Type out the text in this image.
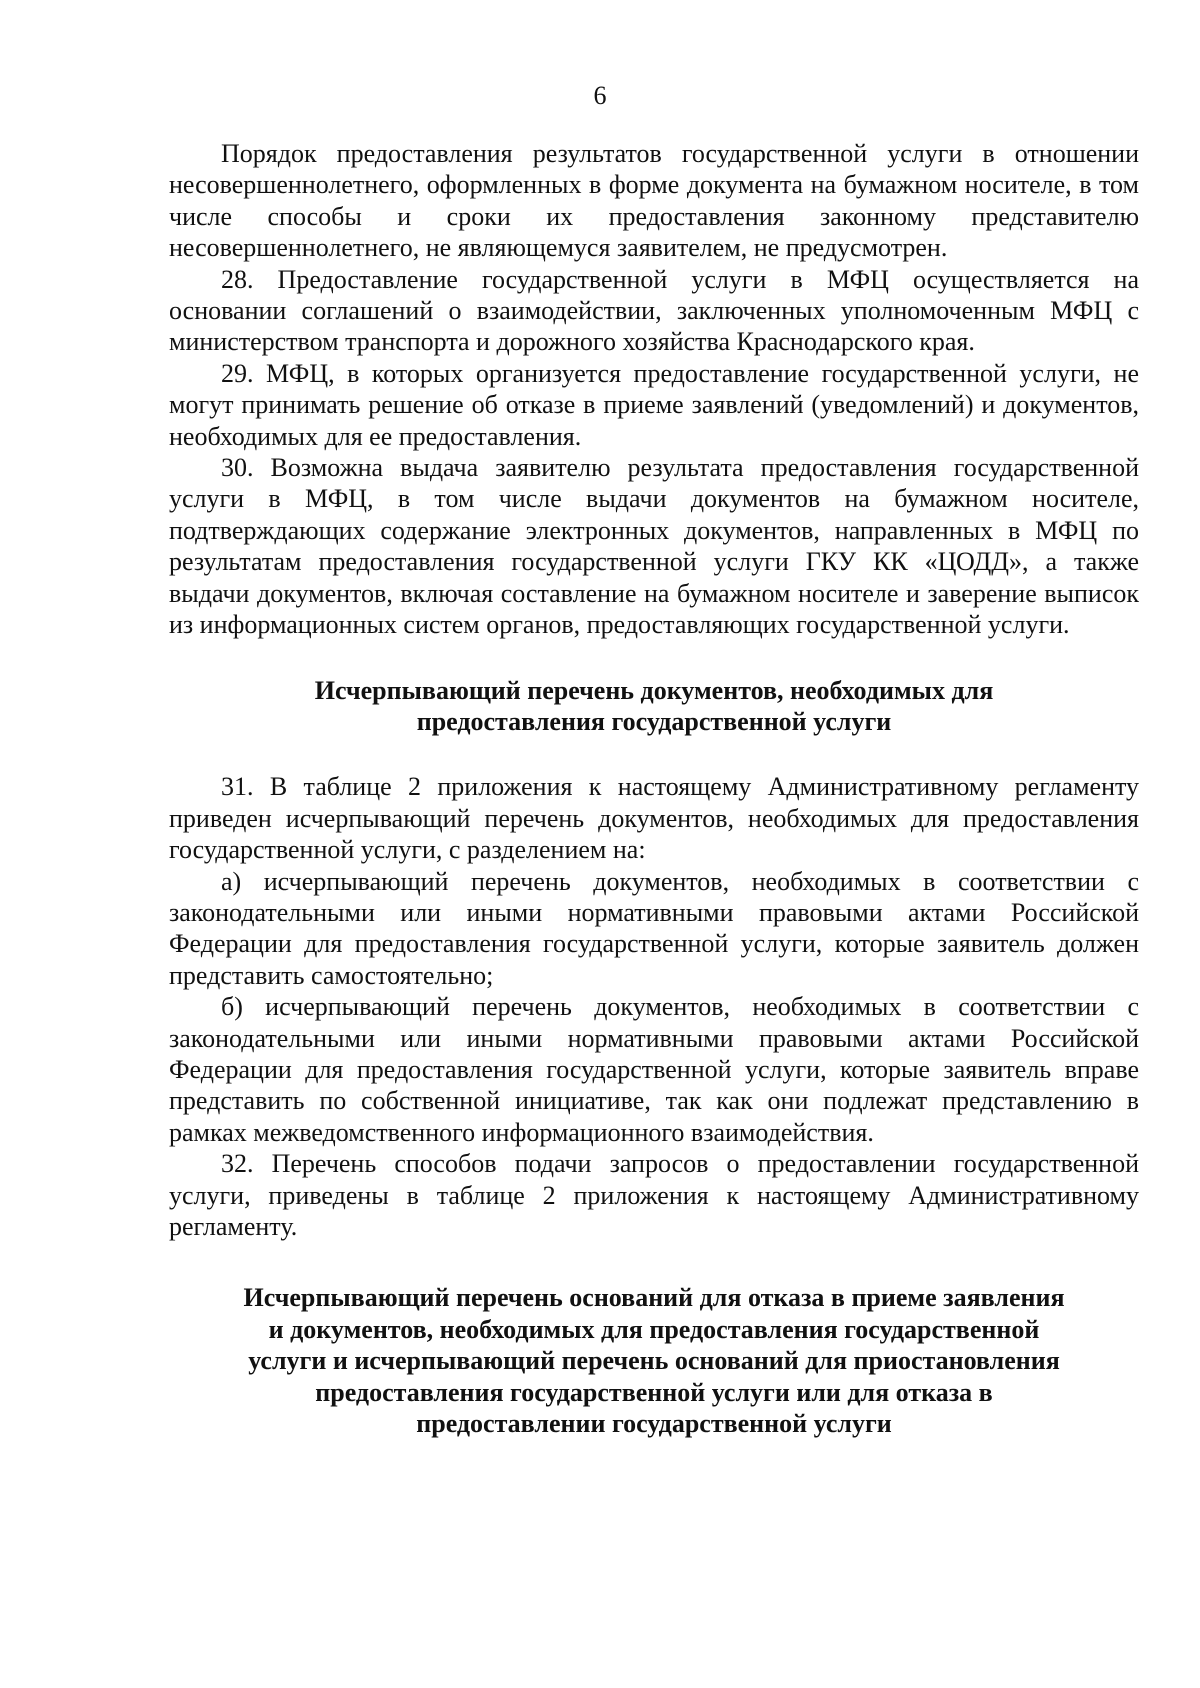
6

Порядок предоставления результатов государственной услуги в отношении несовершеннолетнего, оформленных в форме документа на бумажном носителе, в том числе способы и сроки их предоставления законному представителю несовершеннолетнего, не являющемуся заявителем, не предусмотрен.

28. Предоставление государственной услуги в МФЦ осуществляется на основании соглашений о взаимодействии, заключенных уполномоченным МФЦ с министерством транспорта и дорожного хозяйства Краснодарского края.

29. МФЦ, в которых организуется предоставление государственной услуги, не могут принимать решение об отказе в приеме заявлений (уведомлений) и документов, необходимых для ее предоставления.

30. Возможна выдача заявителю результата предоставления государственной услуги в МФЦ, в том числе выдачи документов на бумажном носителе, подтверждающих содержание электронных документов, направленных в МФЦ по результатам предоставления государственной услуги ГКУ КК «ЦОДД», а также выдачи документов, включая составление на бумажном носителе и заверение выписок из информационных систем органов, предоставляющих государственной услуги.

Исчерпывающий перечень документов, необходимых для предоставления государственной услуги

31. В таблице 2 приложения к настоящему Административному регламенту приведен исчерпывающий перечень документов, необходимых для предоставления государственной услуги, с разделением на:

а) исчерпывающий перечень документов, необходимых в соответствии с законодательными или иными нормативными правовыми актами Российской Федерации для предоставления государственной услуги, которые заявитель должен представить самостоятельно;

б) исчерпывающий перечень документов, необходимых в соответствии с законодательными или иными нормативными правовыми актами Российской Федерации для предоставления государственной услуги, которые заявитель вправе представить по собственной инициативе, так как они подлежат представлению в рамках межведомственного информационного взаимодействия.

32. Перечень способов подачи запросов о предоставлении государственной услуги, приведены в таблице 2 приложения к настоящему Административному регламенту.

Исчерпывающий перечень оснований для отказа в приеме заявления и документов, необходимых для предоставления государственной услуги и исчерпывающий перечень оснований для приостановления предоставления государственной услуги или для отказа в предоставлении государственной услуги
